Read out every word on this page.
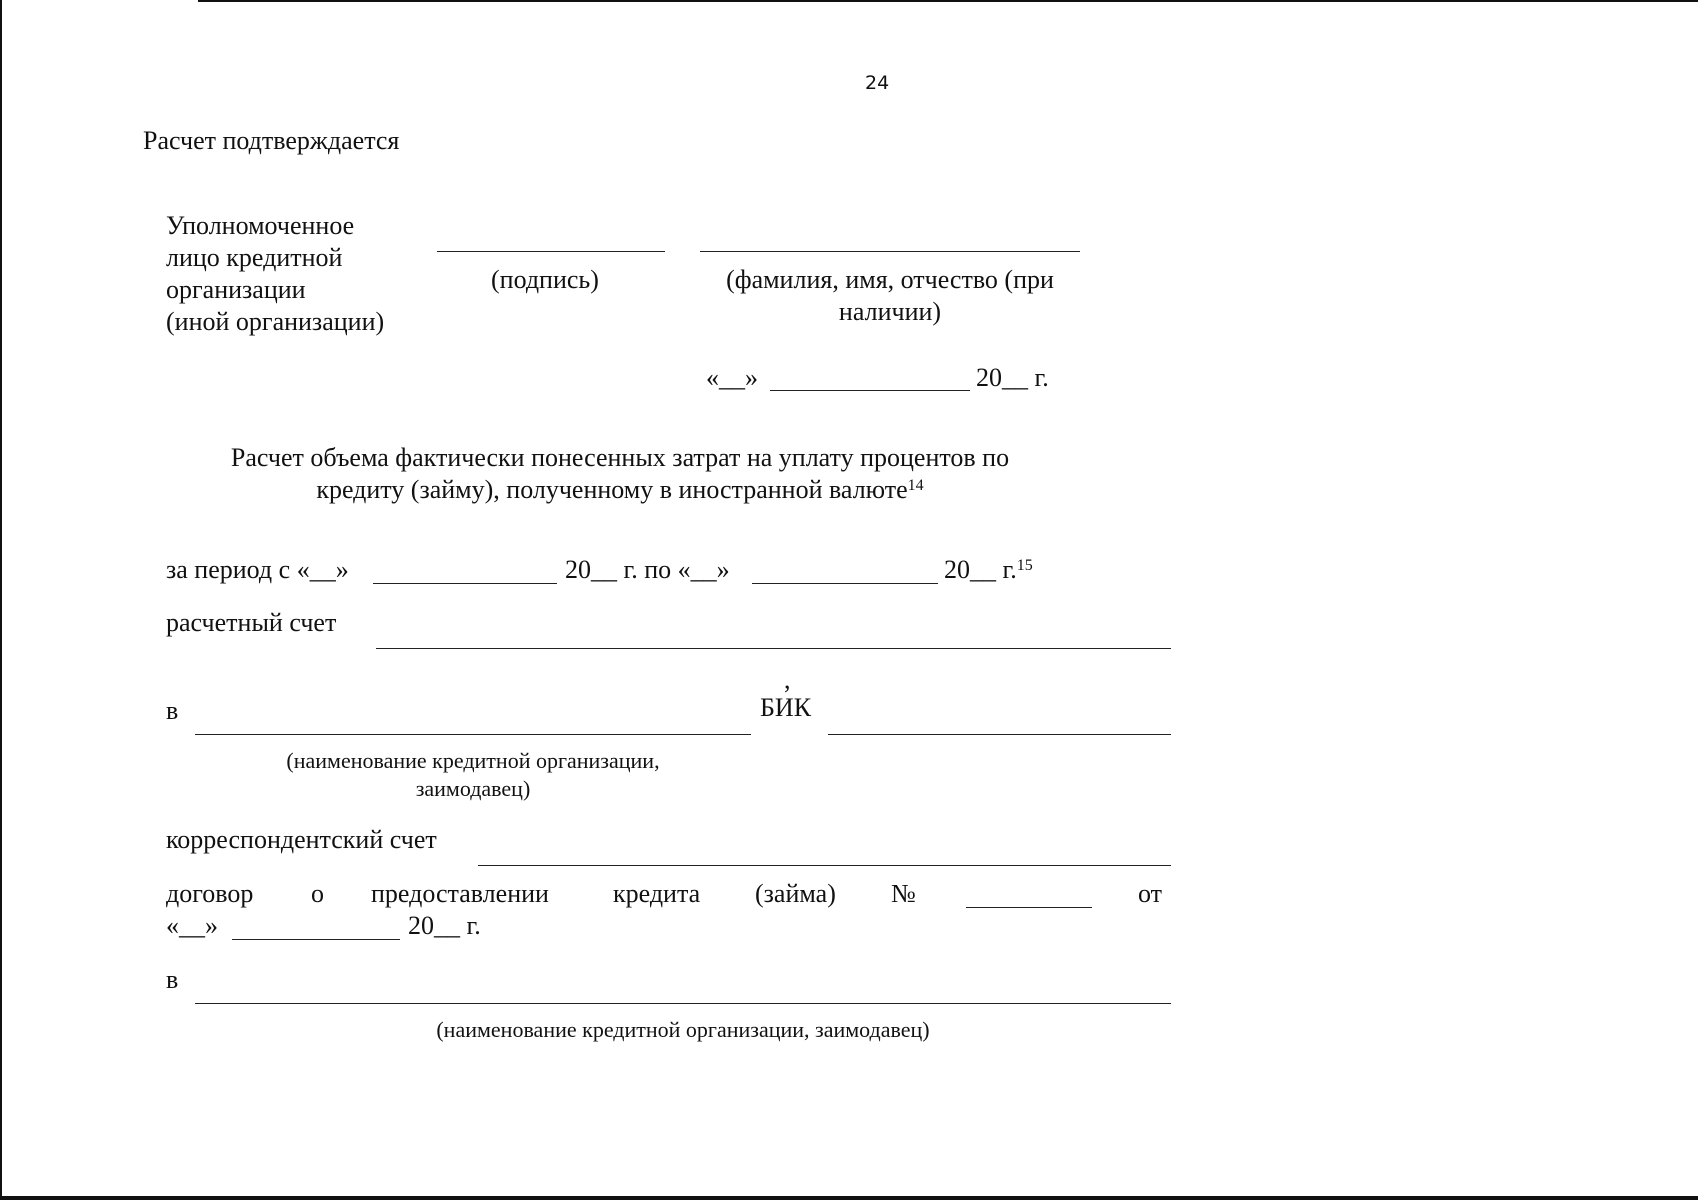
24
Расчет подтверждается
Уполномоченное
лицо кредитной
организации
(иной организации)
(подпись)	(фамилия, имя, отчество (при
наличии)
«__»	20__ г.
Расчет объема фактически понесенных затрат на уплату процентов по
кредиту (займу), полученному в иностранной валюте$^{14}$
за период с «__»	20__ г. по «__»	20__ г.$^{15}$
расчетный счет
в
,
БИК
(наименование кредитной организации,
заимодавец)
корреспондентский счет
договор о предоставлении кредита (займа) №	от
«__»	20__ г.
в
(наименование кредитной организации, заимодавец)
